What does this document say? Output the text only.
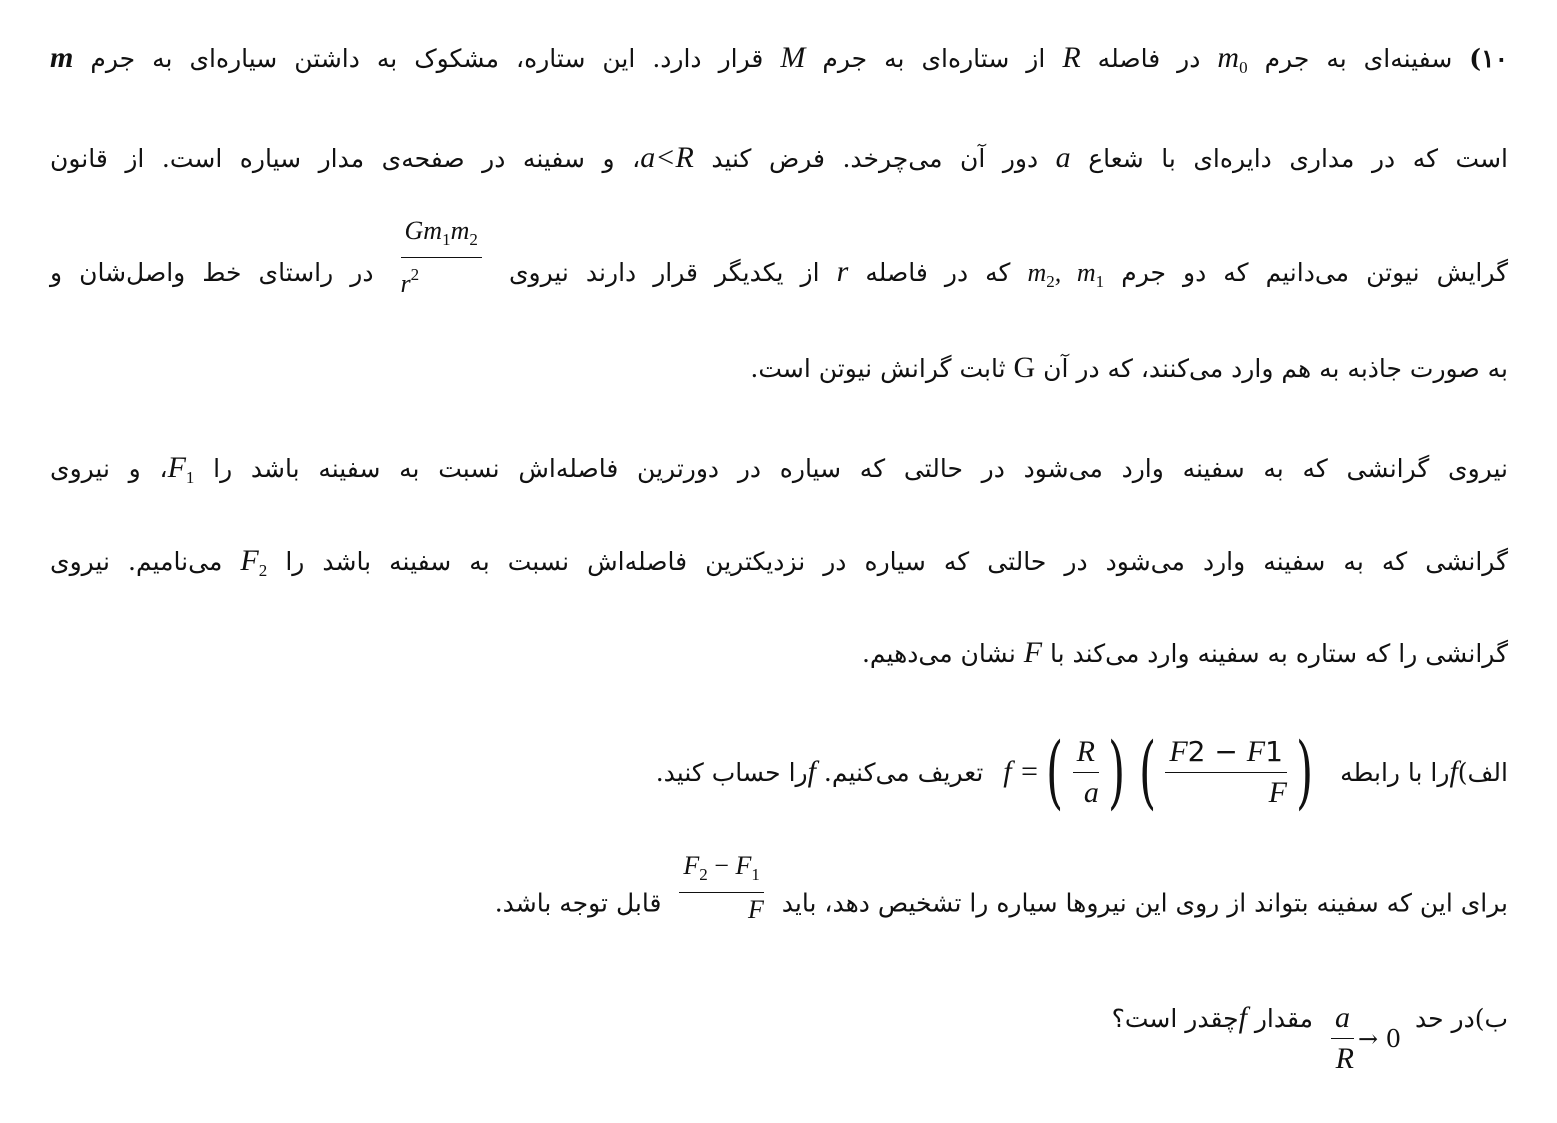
۱۰) سفینه‌ای به جرم $m_0$ در فاصله R از ستاره‌ای به جرم M قرار دارد. این ستاره، مشکوک به داشتن سیاره‌ای به جرم m
است که در مداری دایره‌ای با شعاع a دور آن می‌چرخد. فرض کنید a<R، و سفینه در صفحه‌ی مدار سیاره است. از قانون
گرایش نیوتن می‌دانیم که دو جرم $m_2$, $m_1$ که در فاصله r از یکدیگر قرار دارند نیروی
$\frac{Gm_1m_2}{r^2}$
در راستای خط واصل‌شان و
به صورت جاذبه به هم وارد می‌کنند، که در آن G ثابت گرانش نیوتن است.
نیروی گرانشی که به سفینه وارد می‌شود در حالتی که سیاره در دورترین فاصله‌اش نسبت به سفینه باشد را $F_1،$ و نیروی
گرانشی که به سفینه وارد می‌شود در حالتی که سیاره در نزدیکترین فاصله‌اش نسبت به سفینه باشد را $F_2$ می‌نامیم. نیروی
گرانشی را که ستاره به سفینه وارد می‌کند با F نشان می‌دهیم.
الف)fرا با رابطه
f = ( $\frac{R}{a}$ ) ( $\frac{F2 - F1}{F}$ )
تعریف می‌کنیم. fرا حساب کنید.
برای این که سفینه بتواند از روی این نیروها سیاره را تشخیص دهد، باید
$\frac{F_2 - F_1}{F}$
قابل توجه باشد.
ب)در حد
$\frac{a}{R} \to 0$
مقدار fچقدر است؟
